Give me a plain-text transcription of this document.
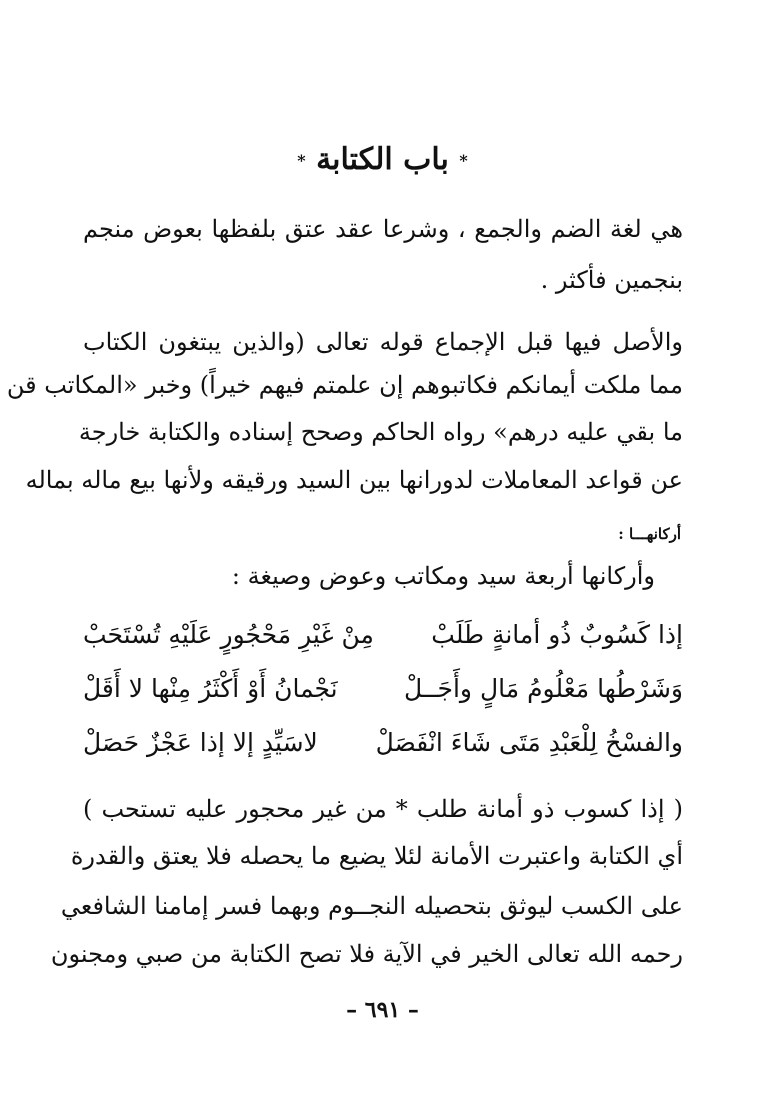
* باب الكتابة *
هي لغة الضم والجمع ، وشرعا عقد عتق بلفظها بعوض منجم
بنجمين فأكثر .
والأصل فيها قبل الإجماع قوله تعالى (والذين يبتغون الكتاب
مما ملكت أيمانكم فكاتبوهم إن علمتم فيهم خيراً) وخبر «المكاتب قن
ما بقي عليه درهم» رواه الحاكم وصحح إسناده والكتابة خارجة
عن قواعد المعاملات لدورانها بين السيد ورقيقه ولأنها بيع ماله بماله
أركانهـــا :
وأركانها أربعة سيد ومكاتب وعوض وصيغة :
إذا كَسُوبٌ ذُو أمانةٍ طَلَبْ
مِنْ غَيْرِ مَحْجُورٍ عَلَيْهِ تُسْتَحَبْ
وَشَرْطُها مَعْلُومُ مَالٍ وأَجَــلْ
نَجْمانُ أَوْ أَكْثَرُ مِنْها لا أَقَلْ
والفسْخُ لِلْعَبْدِ مَتَى شَاءَ انْفَصَلْ
لاسَيِّدٍ إلا إذا عَجْزٌ حَصَلْ
( إذا كسوب ذو أمانة طلب * من غير محجور عليه تستحب )
أي الكتابة واعتبرت الأمانة لئلا يضيع ما يحصله فلا يعتق والقدرة
على الكسب ليوثق بتحصيله النجــوم وبهما فسر إمامنا الشافعي
رحمه الله تعالى الخير في الآية فلا تصح الكتابة من صبي ومجنون
– ٦٩١ –
